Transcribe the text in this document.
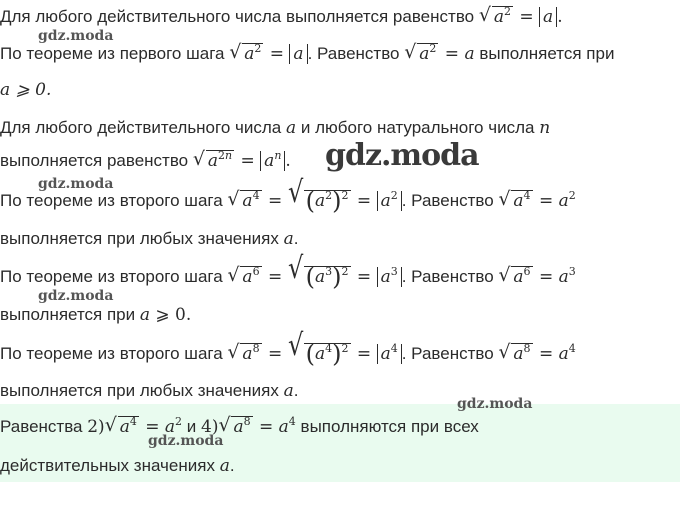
Для любого действительного числа выполняется равенство √ $a^2 = a$ .
gdz.moda
По теореме из первого шага √ $a^2 = a$ . Равенство √ $a^2 = a$ выполняется при
a ⩾ 0.
Для любого действительного числа a и любого натурального числа n
выполняется равенство √ $a^{2n} = a^n$ . gdz.moda
gdz.moda
По теореме из второго шага √ $a^4$ = √ $(a^2)^2 = a^2$ . Равенство √ $a^4 = a^2$
выполняется при любых значениях a.
По теореме из второго шага √ $a^6$ = √ $(a^3)^2 = a^3$ . Равенство √ $a^6 = a^3$
gdz.moda
выполняется при a ⩾ 0.
По теореме из второго шага √ $a^8$ = √ $(a^4)^2 = a^4$ . Равенство √ $a^8 = a^4$
выполняется при любых значениях a.
gdz.moda
Равенства 2) √ $a^4 = a^2$ и 4) √ $a^8 = a^4$ выполняются при всех
gdz.moda
действительных значениях a.
